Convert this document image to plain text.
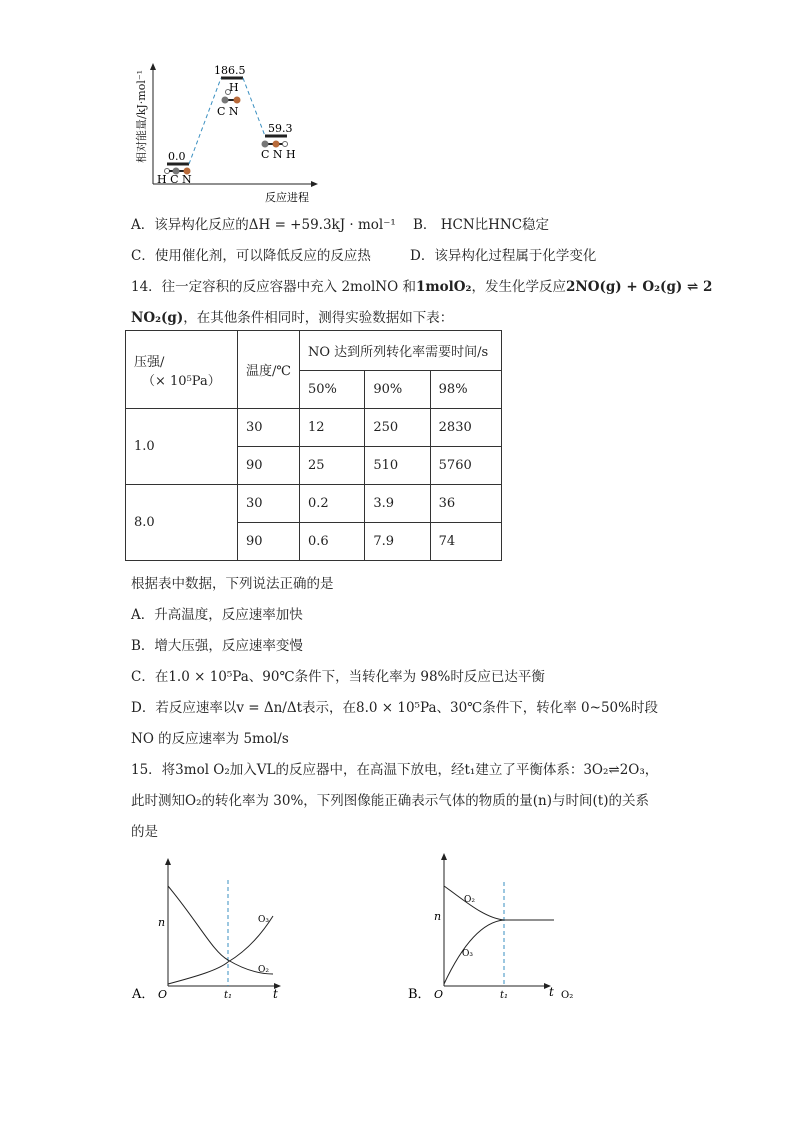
相对能量/kJ·mol⁻¹ 0.0
186.5
59.3
H C N
H
C N
C N H
反应进程
A．该异构化反应的ΔH = +59.3kJ · mol⁻¹ B． HCN比HNC稳定
C．使用催化剂，可以降低反应的反应热	D．该异构化过程属于化学变化
14．往一定容积的反应容器中充入 2molNO 和1molO₂，发生化学反应2NO(g) + O₂(g) ⇌ 2
NO₂(g)，在其他条件相同时，测得实验数据如下表：
压强/
（× 10⁵Pa）	温度/℃	NO 达到所列转化率需要时间/s		
		50%	90%	98%
1.0	30	12	250	2830
	90	25	510	5760
8.0	30	0.2	3.9	36
	90	0.6	7.9	74
根据表中数据，下列说法正确的是
A．升高温度，反应速率加快
B．增大压强，反应速率变慢
C．在1.0 × 10⁵Pa、90℃条件下，当转化率为 98%时反应已达平衡
D．若反应速率以v = Δn/Δt表示，在8.0 × 10⁵Pa、30℃条件下，转化率 0~50%时段
NO 的反应速率为 5mol/s
15．将3mol O₂加入VL的反应器中，在高温下放电，经t₁建立了平衡体系：3O₂⇌2O₃，
此时测知O₂的转化率为 30%，下列图像能正确表示气体的物质的量(n)与时间(t)的关系
的是
A．
n
O	t
t₁
O₃
O₂
B．
n
O	t O₂
t₁
O₂
O₃
